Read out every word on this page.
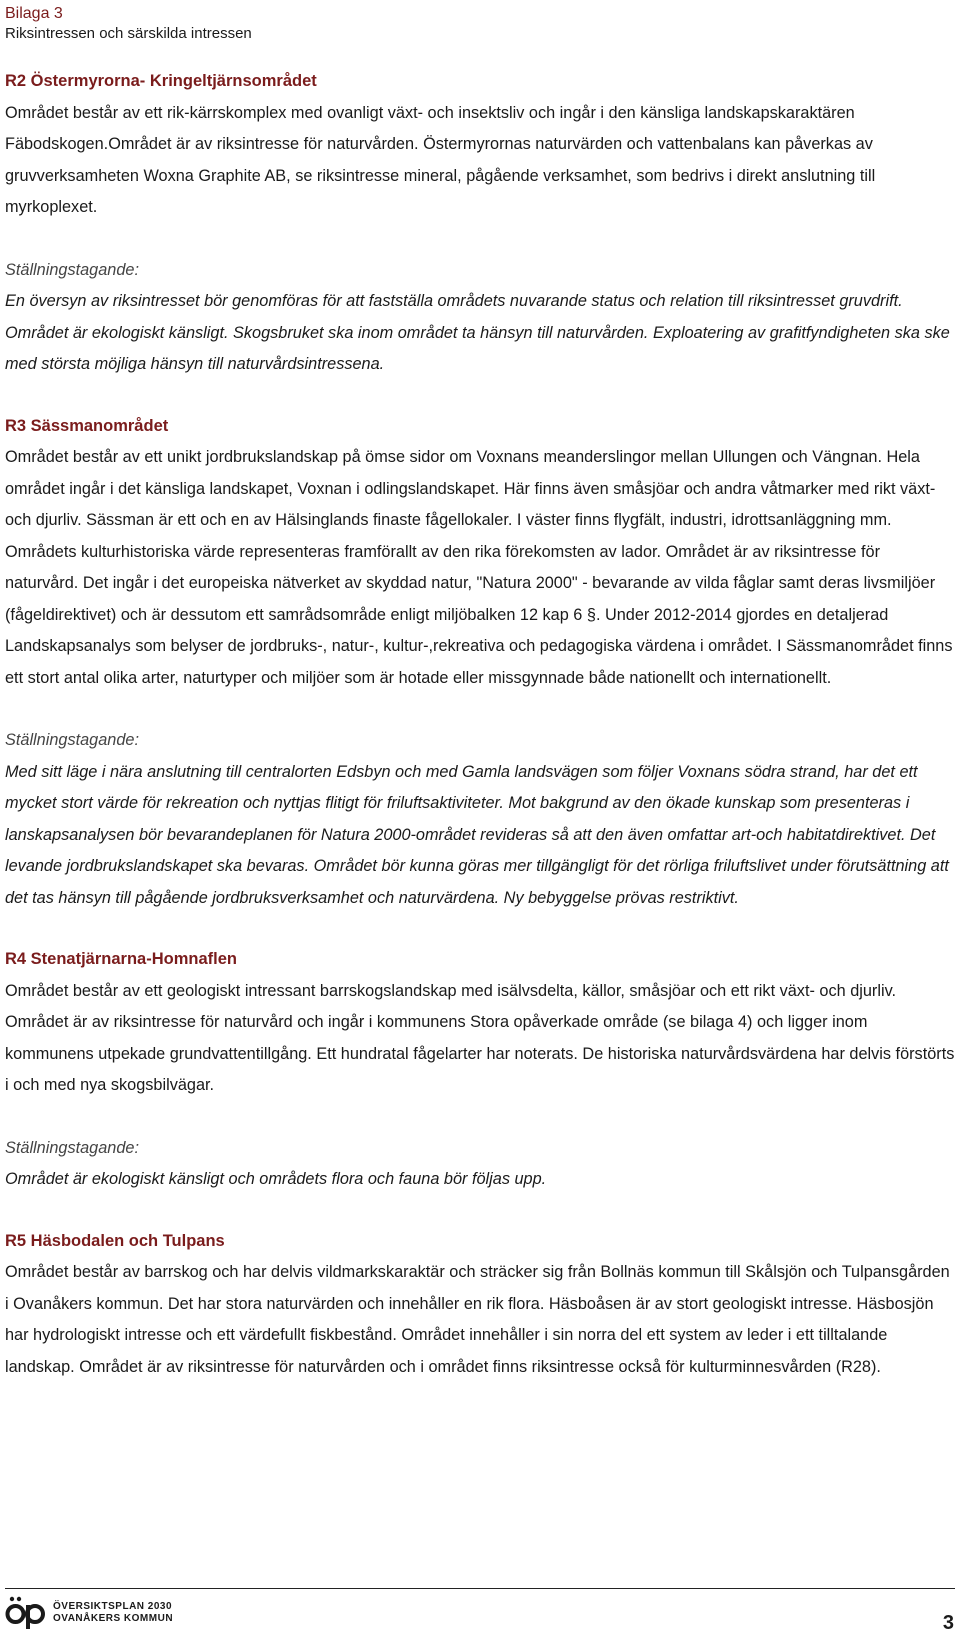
Bilaga 3
Riksintressen och särskilda intressen
R2 Östermyrorna- Kringeltjärnsområdet

Området består av ett rik-kärrskomplex med ovanligt växt- och insektsliv och ingår i den känsliga landskapskaraktären Fäbodskogen.Området är av riksintresse för naturvården. Östermyrornas naturvärden och vattenbalans kan påverkas av gruvverksamheten Woxna Graphite AB, se riksintresse mineral, pågående verksamhet, som bedrivs i direkt anslutning till myrkoplexet.

Ställningstagande:

En översyn av riksintresset bör genomföras för att fastställa områdets nuvarande status och relation till riksintresset gruvdrift. Området är ekologiskt känsligt. Skogsbruket ska inom området ta hänsyn till naturvården. Exploatering av grafitfyndigheten ska ske med största möjliga hänsyn till naturvårdsintressena.

R3 Sässmanområdet

Området består av ett unikt jordbrukslandskap på ömse sidor om Voxnans meanderslingor mellan Ullungen och Vängnan. Hela området ingår i det känsliga landskapet, Voxnan i odlingslandskapet. Här finns även småsjöar och andra våtmarker med rikt växt- och djurliv. Sässman är ett och en av Hälsinglands finaste fågellokaler. I väster finns flygfält, industri, idrottsanläggning mm. Områdets kulturhistoriska värde representeras framförallt av den rika förekomsten av lador. Området är av riksintresse för naturvård. Det ingår i det europeiska nätverket av skyddad natur, "Natura 2000" - bevarande av vilda fåglar samt deras livsmiljöer (fågeldirektivet) och är dessutom ett samrådsområde enligt miljöbalken 12 kap 6 §. Under 2012-2014 gjordes en detaljerad Landskapsanalys som belyser de jordbruks-, natur-, kultur-,rekreativa och pedagogiska värdena i området. I Sässmanområdet finns ett stort antal olika arter, naturtyper och miljöer som är hotade eller missgynnade både nationellt och internationellt.

Ställningstagande:

Med sitt läge i nära anslutning till centralorten Edsbyn och med Gamla landsvägen som följer Voxnans södra strand, har det ett mycket stort värde för rekreation och nyttjas flitigt för friluftsaktiviteter. Mot bakgrund av den ökade kunskap som presenteras i lanskapsanalysen bör bevarandeplanen för Natura 2000-området revideras så att den även omfattar art-och habitatdirektivet. Det levande jordbrukslandskapet ska bevaras. Området bör kunna göras mer tillgängligt för det rörliga friluftslivet under förutsättning att det tas hänsyn till pågående jordbruksverksamhet och naturvärdena. Ny bebyggelse prövas restriktivt.

R4 Stenatjärnarna-Homnaflen

Området består av ett geologiskt intressant barrskogslandskap med isälvsdelta, källor, småsjöar och ett rikt växt- och djurliv. Området är av riksintresse för naturvård och ingår i kommunens Stora opåverkade område (se bilaga 4) och ligger inom kommunens utpekade grundvattentillgång. Ett hundratal fågelarter har noterats. De historiska naturvårdsvärdena har delvis förstörts i och med nya skogsbilvägar.

Ställningstagande:

Området är ekologiskt känsligt och områdets flora och fauna bör följas upp.

R5 Häsbodalen och Tulpans

Området består av barrskog och har delvis vildmarkskaraktär och sträcker sig från Bollnäs kommun till Skålsjön och Tulpansgården i Ovanåkers kommun. Det har stora naturvärden och innehåller en rik flora. Häsboåsen är av stort geologiskt intresse. Häsbosjön har hydrologiskt intresse och ett värdefullt fiskbestånd. Området innehåller i sin norra del ett system av leder i ett tilltalande landskap. Området är av riksintresse för naturvården och i området finns riksintresse också för kulturminnesvården (R28).

ÖVERSIKTSPLAN 2030
OVANÅKERS KOMMUN	3
